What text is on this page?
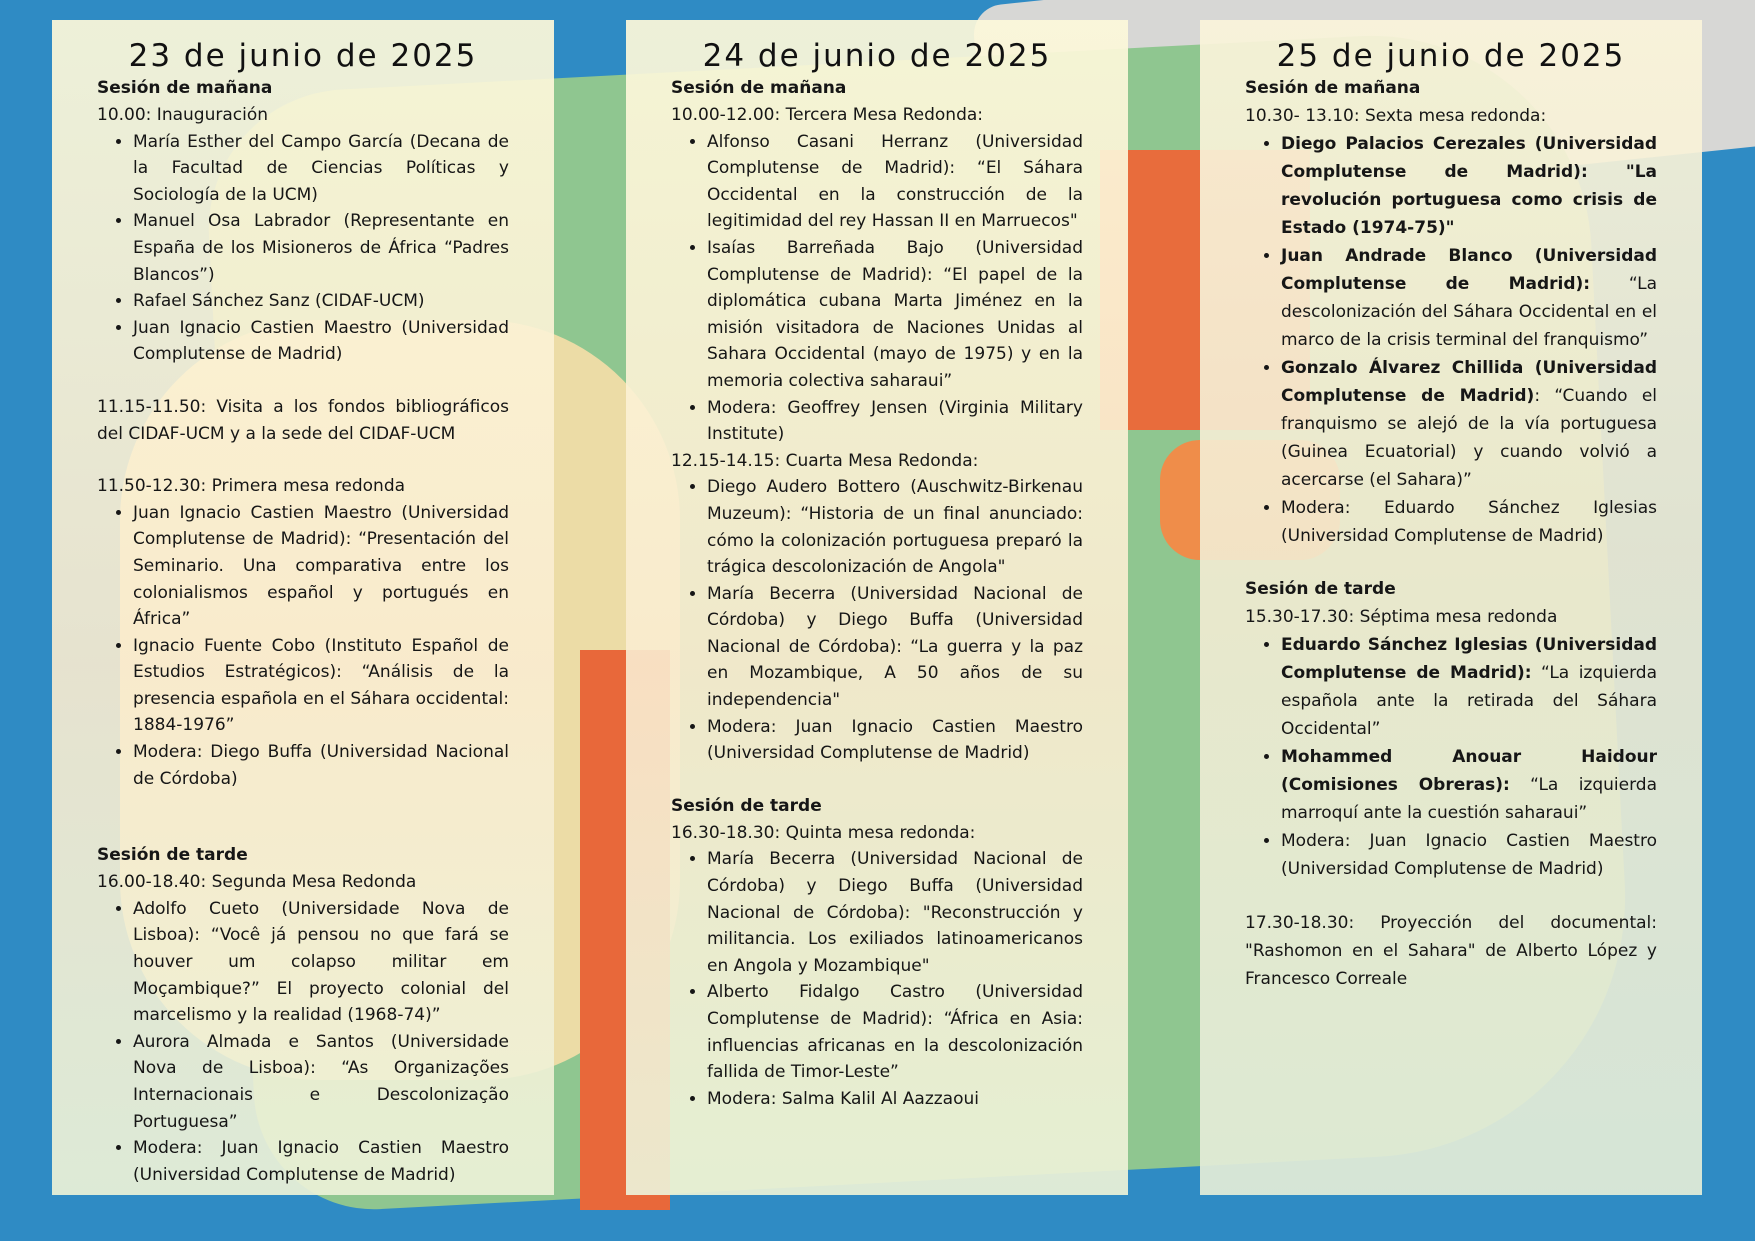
23 de junio de 2025

Sesión de mañana

10.00: Inauguración

• María Esther del Campo García (Decana de la Facultad de Ciencias Políticas y Sociología de la UCM)
• Manuel Osa Labrador (Representante en España de los Misioneros de África “Padres Blancos”)
• Rafael Sánchez Sanz (CIDAF-UCM)
• Juan Ignacio Castien Maestro (Universidad Complutense de Madrid)

11.15-11.50: Visita a los fondos bibliográficos del CIDAF-UCM y a la sede del CIDAF-UCM

11.50-12.30: Primera mesa redonda

• Juan Ignacio Castien Maestro (Universidad Complutense de Madrid): “Presentación del Seminario. Una comparativa entre los colonialismos español y portugués en África”
• Ignacio Fuente Cobo (Instituto Español de Estudios Estratégicos): “Análisis de la presencia española en el Sáhara occidental: 1884-1976”
• Modera: Diego Buffa (Universidad Nacional de Córdoba)

Sesión de tarde

16.00-18.40: Segunda Mesa Redonda

• Adolfo Cueto (Universidade Nova de Lisboa): “Você já pensou no que fará se houver um colapso militar em Moçambique?” El proyecto colonial del marcelismo y la realidad (1968-74)”
• Aurora Almada e Santos (Universidade Nova de Lisboa): “As Organizações Internacionais e Descolonização Portuguesa”
• Modera: Juan Ignacio Castien Maestro (Universidad Complutense de Madrid)
24 de junio de 2025

Sesión de mañana

10.00-12.00: Tercera Mesa Redonda:

• Alfonso Casani Herranz (Universidad Complutense de Madrid): “El Sáhara Occidental en la construcción de la legitimidad del rey Hassan II en Marruecos"
• Isaías Barreñada Bajo (Universidad Complutense de Madrid): “El papel de la diplomática cubana Marta Jiménez en la misión visitadora de Naciones Unidas al Sahara Occidental (mayo de 1975) y en la memoria colectiva saharaui”
• Modera: Geoffrey Jensen (Virginia Military Institute)

12.15-14.15: Cuarta Mesa Redonda:

• Diego Audero Bottero (Auschwitz-Birkenau Muzeum): “Historia de un final anunciado: cómo la colonización portuguesa preparó la trágica descolonización de Angola"
• María Becerra (Universidad Nacional de Córdoba) y Diego Buffa (Universidad Nacional de Córdoba): “La guerra y la paz en Mozambique, A 50 años de su independencia"
• Modera: Juan Ignacio Castien Maestro (Universidad Complutense de Madrid)

Sesión de tarde

16.30-18.30: Quinta mesa redonda:

• María Becerra (Universidad Nacional de Córdoba) y Diego Buffa (Universidad Nacional de Córdoba): "Reconstrucción y militancia. Los exiliados latinoamericanos en Angola y Mozambique"
• Alberto Fidalgo Castro (Universidad Complutense de Madrid): “África en Asia: influencias africanas en la descolonización fallida de Timor-Leste”
• Modera: Salma Kalil Al Aazzaoui
25 de junio de 2025

Sesión de mañana

10.30- 13.10: Sexta mesa redonda:

• Diego Palacios Cerezales (Universidad Complutense de Madrid): "La revolución portuguesa como crisis de Estado (1974-75)"
• Juan Andrade Blanco (Universidad Complutense de Madrid): “La descolonización del Sáhara Occidental en el marco de la crisis terminal del franquismo”
• Gonzalo Álvarez Chillida (Universidad Complutense de Madrid): “Cuando el franquismo se alejó de la vía portuguesa (Guinea Ecuatorial) y cuando volvió a acercarse (el Sahara)”
• Modera: Eduardo Sánchez Iglesias (Universidad Complutense de Madrid)

Sesión de tarde

15.30-17.30: Séptima mesa redonda

• Eduardo Sánchez Iglesias (Universidad Complutense de Madrid): “La izquierda española ante la retirada del Sáhara Occidental”
• Mohammed Anouar Haidour (Comisiones Obreras): “La izquierda marroquí ante la cuestión saharaui”
• Modera: Juan Ignacio Castien Maestro (Universidad Complutense de Madrid)

17.30-18.30: Proyección del documental: "Rashomon en el Sahara" de Alberto López y Francesco Correale
